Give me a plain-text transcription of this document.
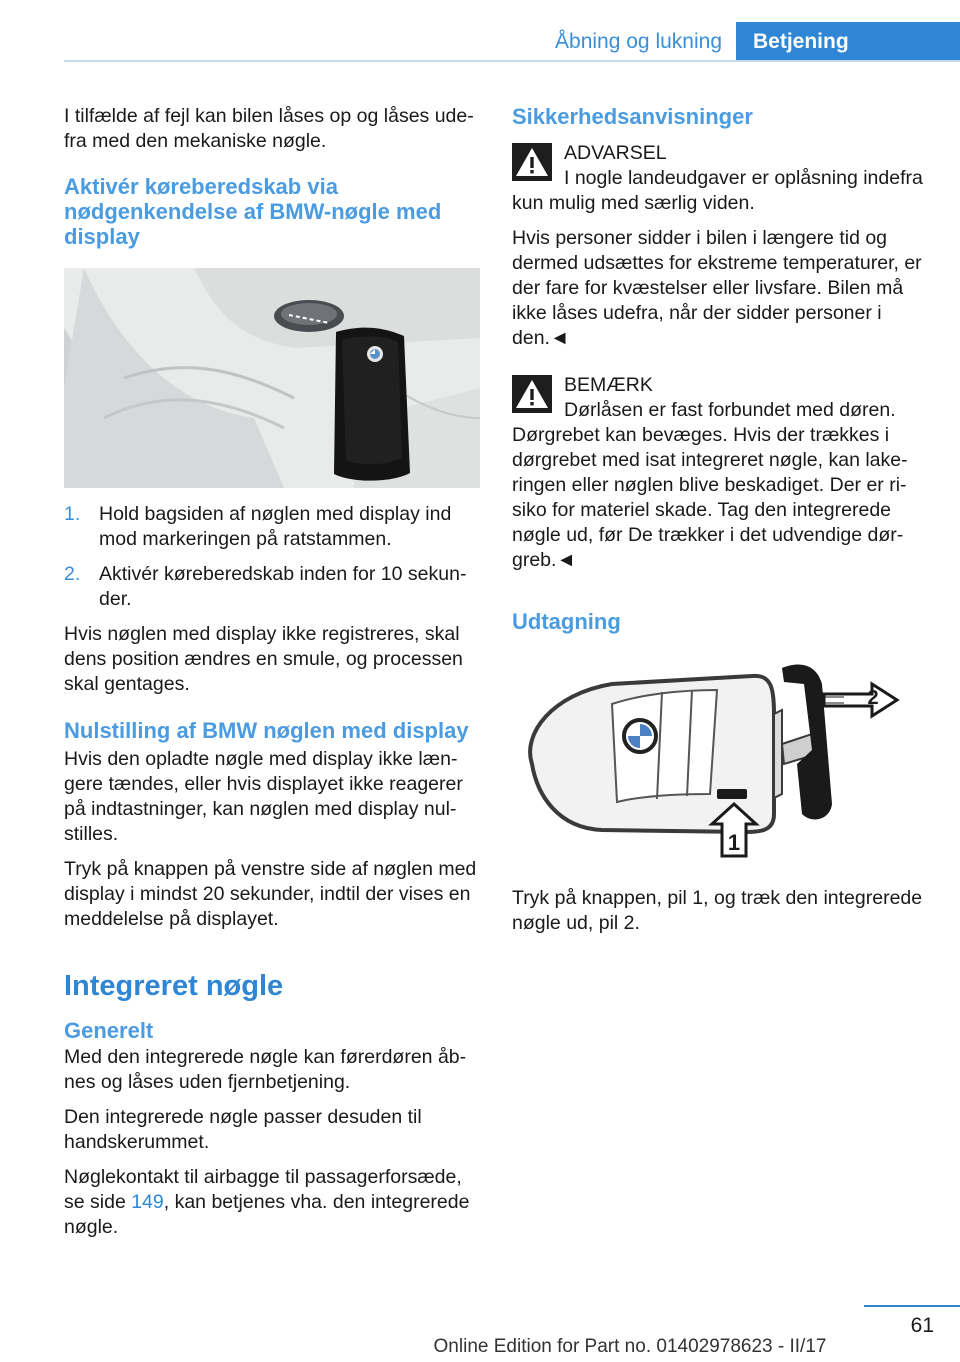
Åbning og lukning	Betjening

I tilfælde af fejl kan bilen låses op og låses udefra med den mekaniske nøgle.

Aktivér køreberedskab via nødgenkendelse af BMW-nøgle med display
1. Hold bagsiden af nøglen med display ind mod markeringen på ratstammen.
2. Aktivér køreberedskab inden for 10 sekunder.

Hvis nøglen med display ikke registreres, skal dens position ændres en smule, og processen skal gentages.

Nulstilling af BMW nøglen med display

Hvis den opladte nøgle med display ikke længere tændes, eller hvis displayet ikke reagerer på indtastninger, kan nøglen med display nulstilles.

Tryk på knappen på venstre side af nøglen med display i mindst 20 sekunder, indtil der vises en meddelelse på displayet.

Integreret nøgle
Generelt

Med den integrerede nøgle kan førerdøren åbnes og låses uden fjernbetjening.

Den integrerede nøgle passer desuden til handskerummet.

Nøglekontakt til airbagge til passagerforsæde, se side 149, kan betjenes vha. den integrerede nøgle.

Sikkerhedsanvisninger
ADVARSEL
I nogle landeudgaver er oplåsning indefra kun mulig med særlig viden.

Hvis personer sidder i bilen i længere tid og dermed udsættes for ekstreme temperaturer, er der fare for kvæstelser eller livsfare. Bilen må ikke låses udefra, når der sidder personer i den.◄

BEMÆRK
Dørlåsen er fast forbundet med døren. Dørgrebet kan bevæges. Hvis der trækkes i dørgrebet med isat integreret nøgle, kan lakeringen eller nøglen blive beskadiget. Der er risiko for materiel skade. Tag den integrerede nøgle ud, før De trækker i det udvendige dørgreb.◄
Udtagning
1
2

Tryk på knappen, pil 1, og træk den integrerede nøgle ud, pil 2.

61
Online Edition for Part no. 01402978623 - II/17
